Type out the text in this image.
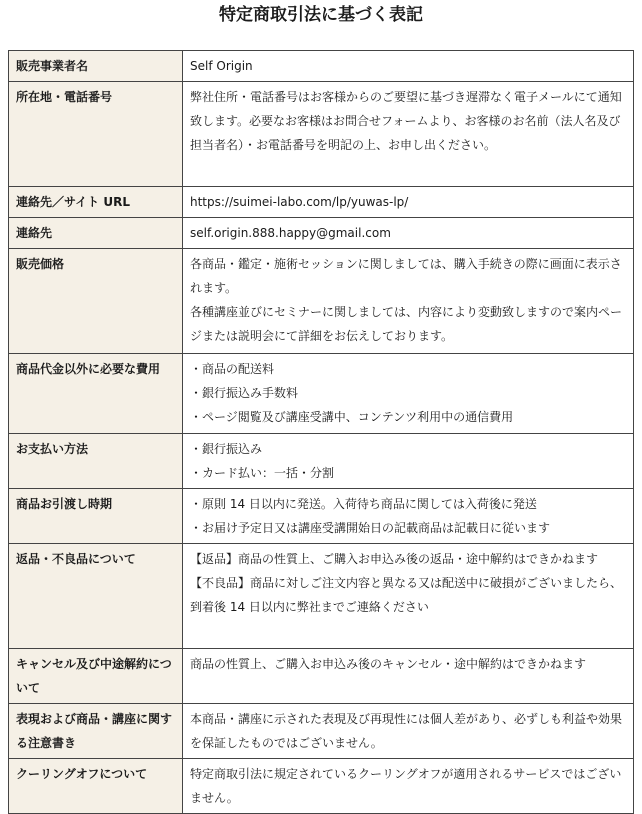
特定商取引法に基づく表記
販売事業者名	Self Origin

所在地・電話番号	弊社住所・電話番号はお客様からのご要望に基づき遅滞なく電子メールにて通知致します。必要なお客様はお問合せフォームより、お客様のお名前（法人名及び担当者名）・お電話番号を明記の上、お申し出ください。

連絡先／サイト URL	https://suimei-labo.com/lp/yuwas-lp/

連絡先	self.origin.888.happy@gmail.com

販売価格	各商品・鑑定・施術セッションに関しましては、購入手続きの際に画面に表示されます。

各種講座並びにセミナーに関しましては、内容により変動致しますので案内ページまたは説明会にて詳細をお伝えしております。

商品代金以外に必要な費用	・商品の配送料

・銀行振込み手数料

・ページ閲覧及び講座受講中、コンテンツ利用中の通信費用

お支払い方法	・銀行振込み

・カード払い：一括・分割

商品お引渡し時期	・原則 14 日以内に発送。入荷待ち商品に関しては入荷後に発送

・お届け予定日又は講座受講開始日の記載商品は記載日に従います

返品・不良品について	【返品】商品の性質上、ご購入お申込み後の返品・途中解約はできかねます

【不良品】商品に対しご注文内容と異なる又は配送中に破損がございましたら、到着後 14 日以内に弊社までご連絡ください

キャンセル及び中途解約について	商品の性質上、ご購入お申込み後のキャンセル・途中解約はできかねます

表現および商品・講座に関する注意書き	本商品・講座に示された表現及び再現性には個人差があり、必ずしも利益や効果を保証したものではございません。

クーリングオフについて	特定商取引法に規定されているクーリングオフが適用されるサービスではございません。
